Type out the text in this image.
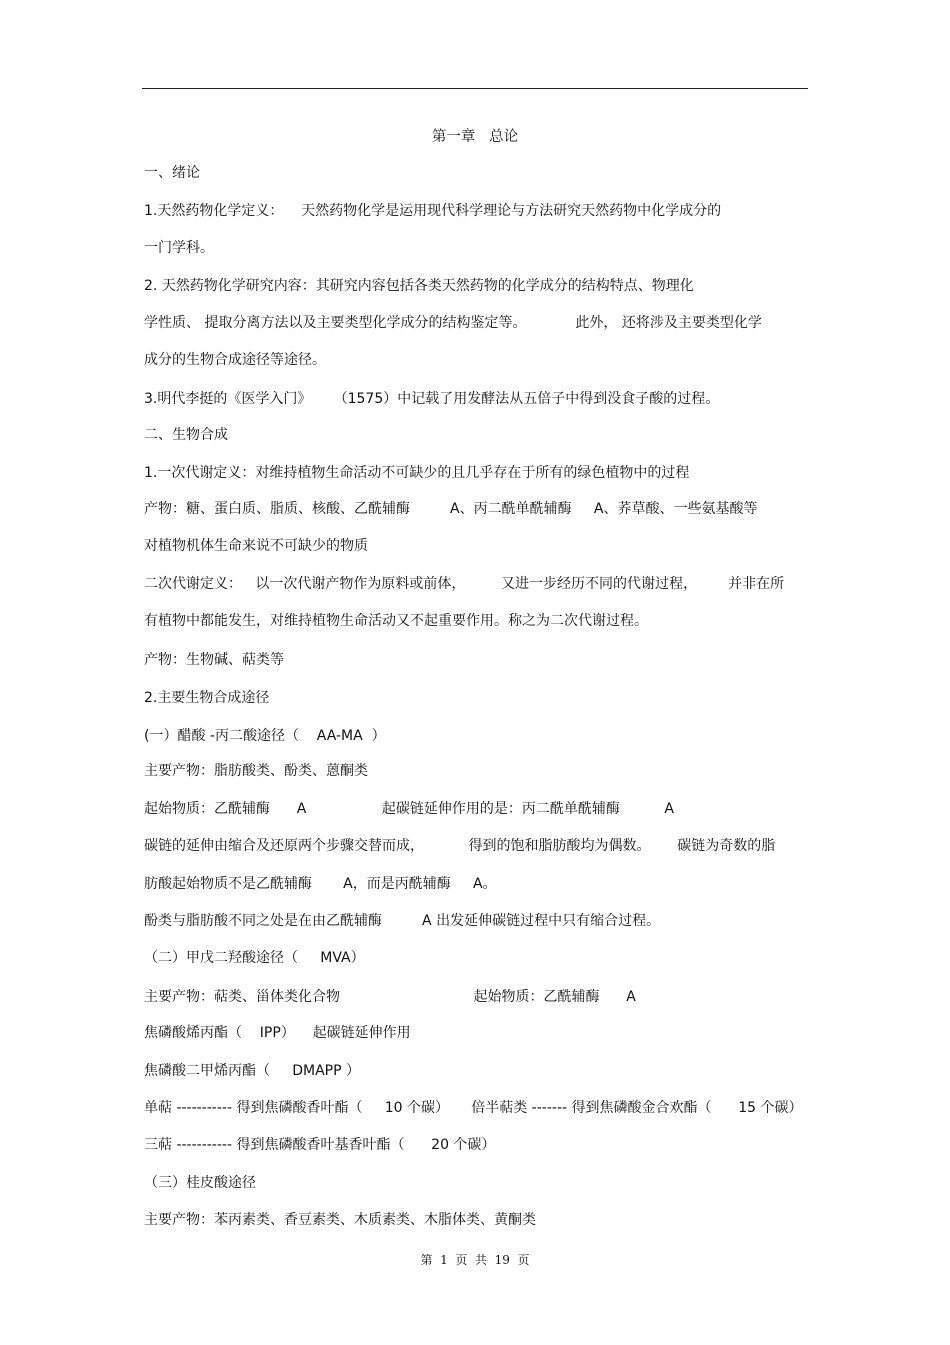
第一章   总论
一、绪论
1.天然药物化学定义：    天然药物化学是运用现代科学理论与方法研究天然药物中化学成分的
一门学科。
2. 天然药物化学研究内容：其研究内容包括各类天然药物的化学成分的结构特点、物理化
学性质、 提取分离方法以及主要类型化学成分的结构鉴定等。           此外， 还将涉及主要类型化学
成分的生物合成途径等途径。
3.明代李挺的《医学入门》     （1575）中记载了用发酵法从五倍子中得到没食子酸的过程。
二、生物合成
1.一次代谢定义：对维持植物生命活动不可缺少的且几乎存在于所有的绿色植物中的过程
产物：糖、蛋白质、脂质、核酸、乙酰辅酶         A、丙二酰单酰辅酶     A、荞草酸、一些氨基酸等
对植物机体生命来说不可缺少的物质
二次代谢定义：   以一次代谢产物作为原料或前体，        又进一步经历不同的代谢过程，       并非在所
有植物中都能发生，对维持植物生命活动又不起重要作用。称之为二次代谢过程。
产物：生物碱、萜类等
2.主要生物合成途径
(一）醋酸 -丙二酸途径（    AA-MA  ）
主要产物：脂肪酸类、酚类、蒽酮类
起始物质：乙酰辅酶      A                 起碳链延伸作用的是：丙二酰单酰辅酶          A
碳链的延伸由缩合及还原两个步骤交替而成，          得到的饱和脂肪酸均为偶数。      碳链为奇数的脂
肪酸起始物质不是乙酰辅酶       A，而是丙酰辅酶     A。
酚类与脂肪酸不同之处是在由乙酰辅酶         A 出发延伸碳链过程中只有缩合过程。
（二）甲戊二羟酸途径（     MVA）
主要产物：萜类、甾体类化合物                              起始物质：乙酰辅酶      A
焦磷酸烯丙酯（    IPP）    起碳链延伸作用
焦磷酸二甲烯丙酯（     DMAPP ）
单萜 ----------- 得到焦磷酸香叶酯（     10 个碳）     倍半萜类 ------- 得到焦磷酸金合欢酯（      15 个碳）
三萜 ----------- 得到焦磷酸香叶基香叶酯（      20 个碳）
（三）桂皮酸途径
主要产物：苯丙素类、香豆素类、木质素类、木脂体类、黄酮类
第  1  页  共  19  页
